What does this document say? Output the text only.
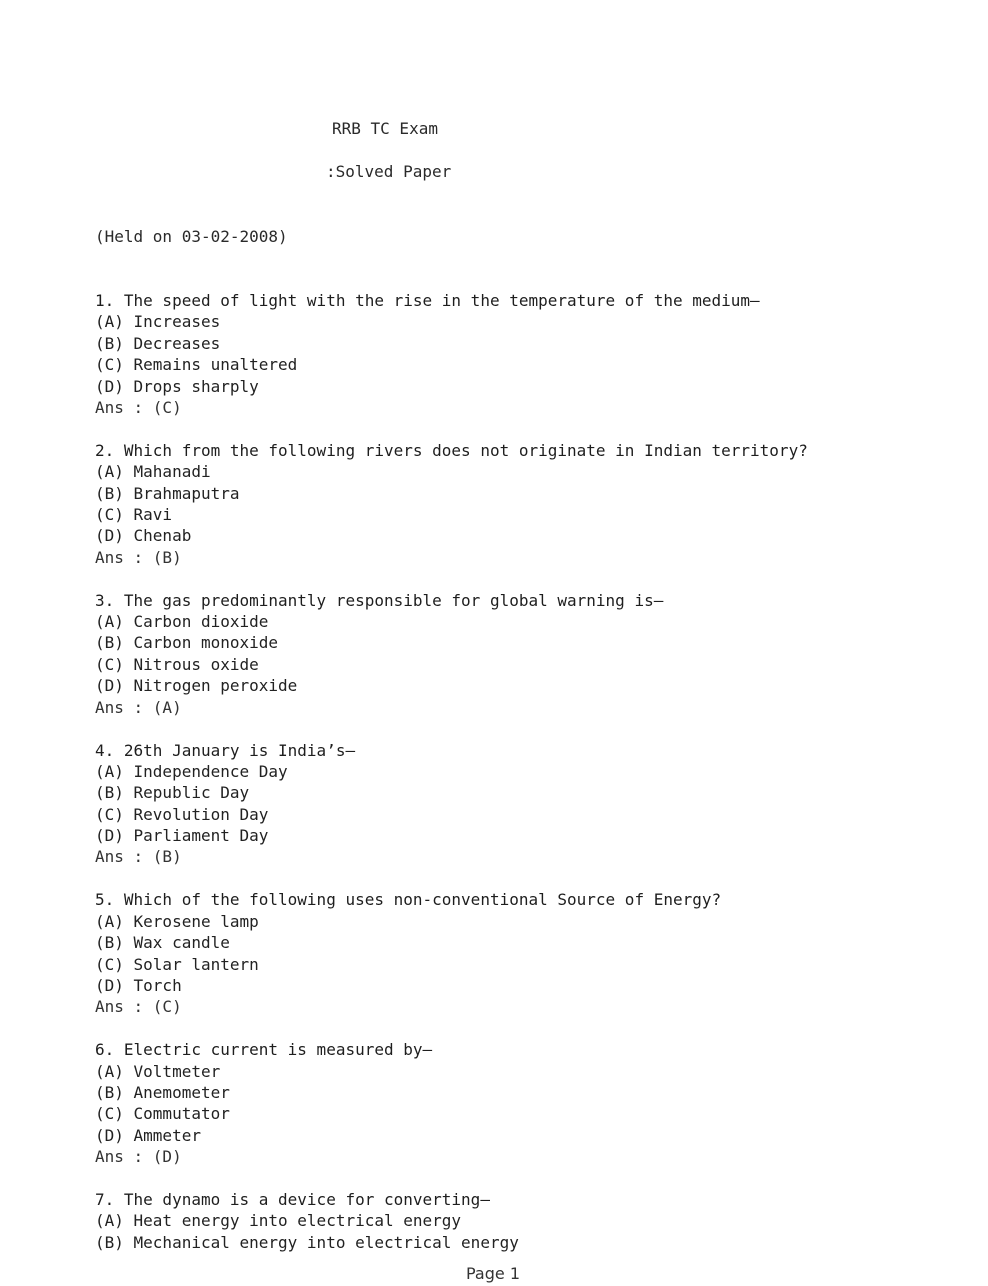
RRB TC Exam
:Solved Paper
(Held on 03-02-2008)
1. The speed of light with the rise in the temperature of the medium—
(A) Increases
(B) Decreases
(C) Remains unaltered
(D) Drops sharply
Ans : (C)
2. Which from the following rivers does not originate in Indian territory?
(A) Mahanadi
(B) Brahmaputra
(C) Ravi
(D) Chenab
Ans : (B)
3. The gas predominantly responsible for global warning is—
(A) Carbon dioxide
(B) Carbon monoxide
(C) Nitrous oxide
(D) Nitrogen peroxide
Ans : (A)
4. 26th January is India’s—
(A) Independence Day
(B) Republic Day
(C) Revolution Day
(D) Parliament Day
Ans : (B)
5. Which of the following uses non-conventional Source of Energy?
(A) Kerosene lamp
(B) Wax candle
(C) Solar lantern
(D) Torch
Ans : (C)
6. Electric current is measured by—
(A) Voltmeter
(B) Anemometer
(C) Commutator
(D) Ammeter
Ans : (D)
7. The dynamo is a device for converting—
(A) Heat energy into electrical energy
(B) Mechanical energy into electrical energy
Page 1
